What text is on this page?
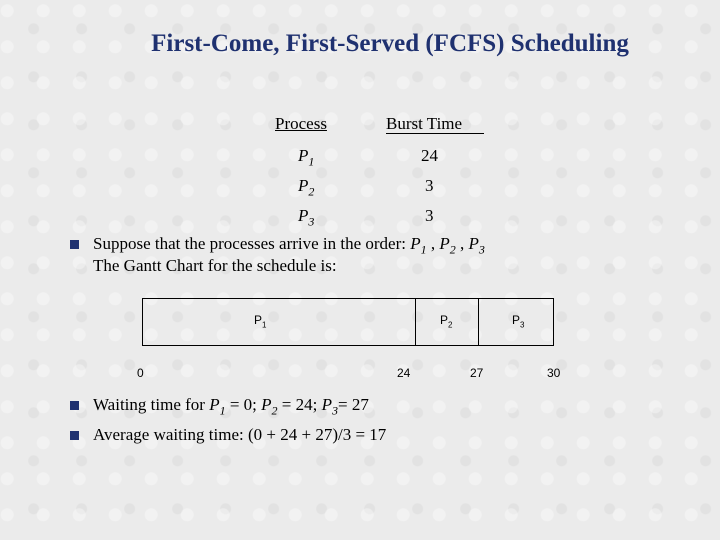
First-Come, First-Served (FCFS) Scheduling
Process	Burst Time
$P_1$	24
$P_2$	3
$P_3$	3
Suppose that the processes arrive in the order: $P_1$ , $P_2$ , $P_3$
The Gantt Chart for the schedule is:
$P_1$	$P_2$	$P_3$
0	24	27	30
Waiting time for $P_1 = 0$; $P_2 = 24$; $P_3= 27$
Average waiting time: (0 + 24 + 27)/3 = 17
